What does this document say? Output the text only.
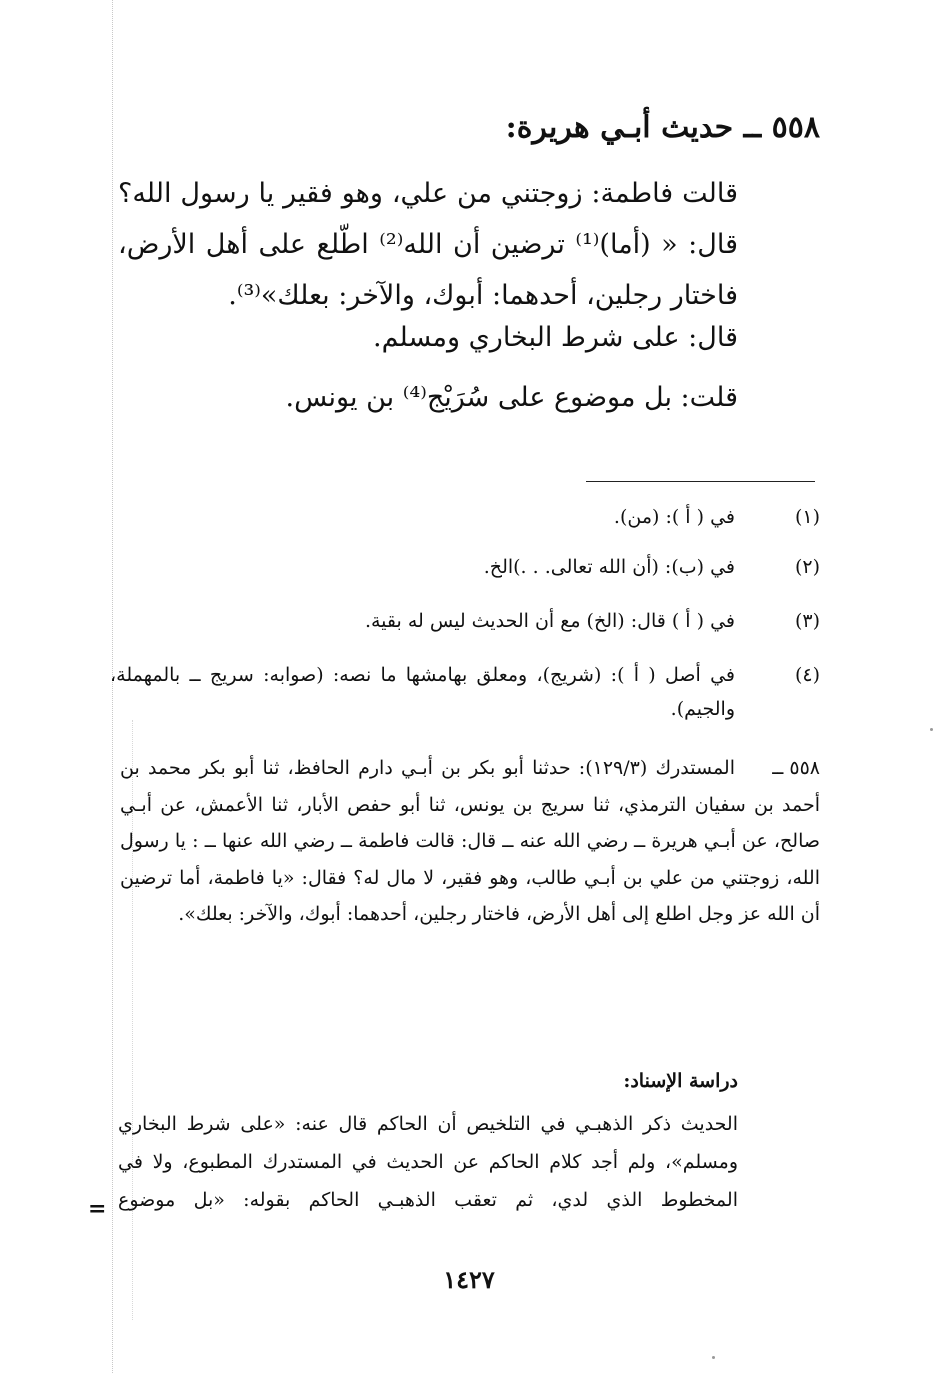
٥٥٨ ــ حديث أبـي هريرة:
قالت فاطمة: زوجتني من علي، وهو فقير يا رسول الله؟ قال: « (أما)⁽¹⁾ ترضين أن الله⁽²⁾ اطّلع على أهل الأرض، فاختار رجلين، أحدهما: أبوك، والآخر: بعلك»⁽³⁾.
قال: على شرط البخاري ومسلم.
قلت: بل موضوع على سُرَيْج⁽⁴⁾ بن يونس.
(١)
في ( أ ): (من).
(٢)
في (ب): (أن الله تعالى. . .)الخ.
(٣)
في ( أ ) قال: (الخ) مع أن الحديث ليس له بقية.
(٤)
في أصل ( أ ): (شريج)، ومعلق بهامشها ما نصه: (صوابه: سريج ــ بالمهملة، والجيم).
٥٥٨ ــ
المستدرك (١٢٩/٣): حدثنا أبو بكر بن أبـي دارم الحافظ، ثنا أبو بكر محمد بن أحمد بن سفيان الترمذي، ثنا سريج بن يونس، ثنا أبو حفص الأبار، ثنا الأعمش، عن أبـي صالح، عن أبـي هريرة ــ رضي الله عنه ــ قال: قالت فاطمة ــ رضي الله عنها ــ : يا رسول الله، زوجتني من علي بن أبـي طالب، وهو فقير، لا مال له؟ فقال: «يا فاطمة، أما ترضين أن الله عز وجل اطلع إلى أهل الأرض، فاختار رجلين، أحدهما: أبوك، والآخر: بعلك».
دراسة الإسناد:
الحديث ذكر الذهبـي في التلخيص أن الحاكم قال عنه: «على شرط البخاري ومسلم»، ولم أجد كلام الحاكم عن الحديث في المستدرك المطبوع، ولا في المخطوط الذي لدي، ثم تعقب الذهبـي الحاكم بقوله: «بل موضوع
=
١٤٢٧
